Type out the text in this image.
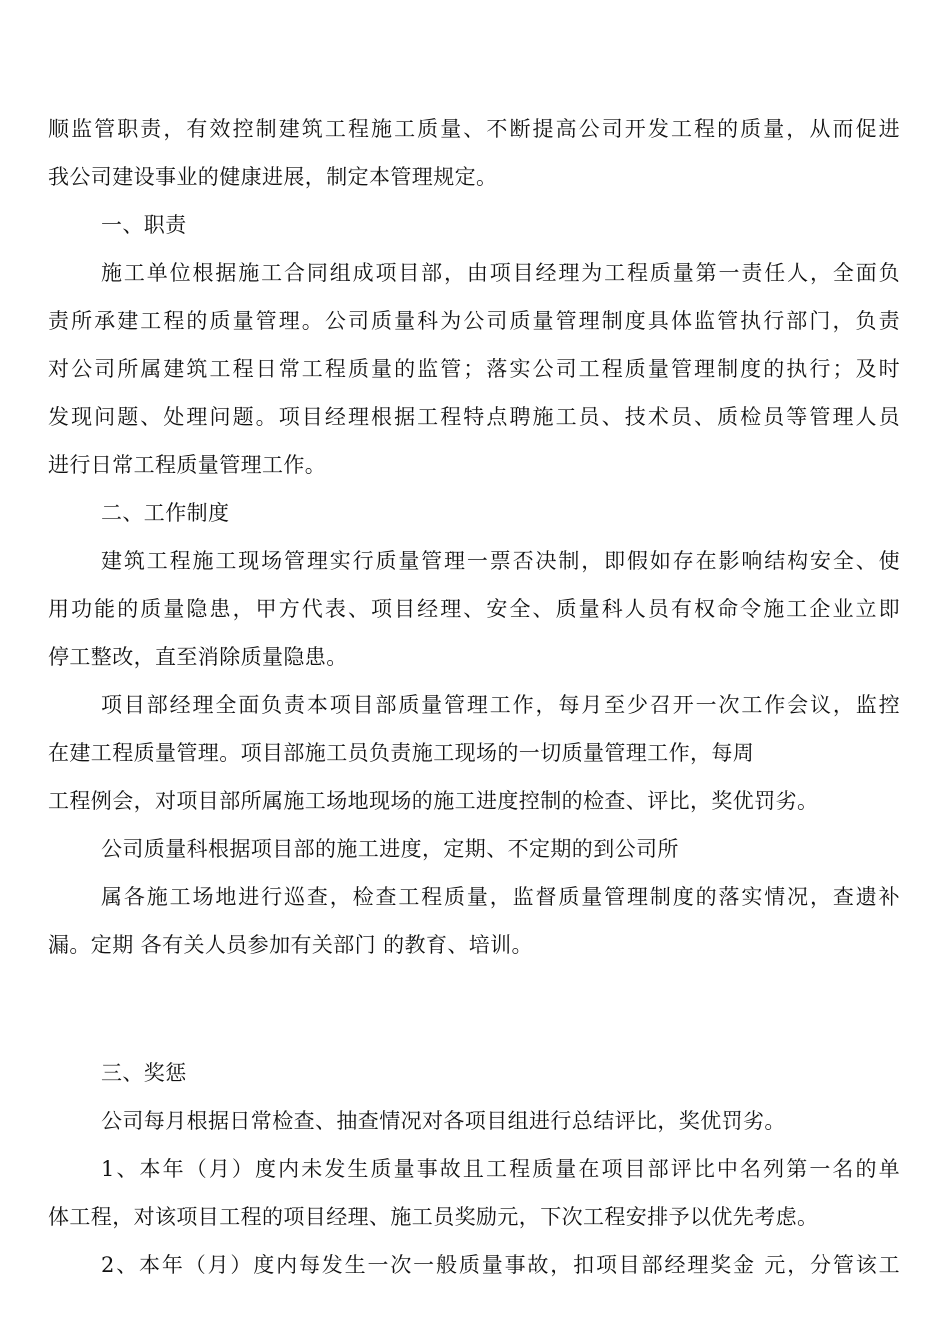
顺监管职责，有效控制建筑工程施工质量、不断提高公司开发工程的质量，从而促进
我公司建设事业的健康进展，制定本管理规定。
一、职责
施工单位根据施工合同组成项目部，由项目经理为工程质量第一责任人，全面负
责所承建工程的质量管理。公司质量科为公司质量管理制度具体监管执行部门，负责
对公司所属建筑工程日常工程质量的监管；落实公司工程质量管理制度的执行；及时
发现问题、处理问题。项目经理根据工程特点聘施工员、技术员、质检员等管理人员
进行日常工程质量管理工作。
二、工作制度
建筑工程施工现场管理实行质量管理一票否决制，即假如存在影响结构安全、使
用功能的质量隐患，甲方代表、项目经理、安全、质量科人员有权命令施工企业立即
停工整改，直至消除质量隐患。
项目部经理全面负责本项目部质量管理工作，每月至少召开一次工作会议，监控
在建工程质量管理。项目部施工员负责施工现场的一切质量管理工作，每周
工程例会，对项目部所属施工场地现场的施工进度控制的检查、评比，奖优罚劣。
公司质量科根据项目部的施工进度，定期、不定期的到公司所
属各施工场地进行巡查，检查工程质量，监督质量管理制度的落实情况，查遗补
漏。定期 各有关人员参加有关部门 的教育、培训。
三、奖惩
公司每月根据日常检查、抽查情况对各项目组进行总结评比，奖优罚劣。
1、本年（月）度内未发生质量事故且工程质量在项目部评比中名列第一名的单
体工程，对该项目工程的项目经理、施工员奖励元，下次工程安排予以优先考虑。
2、本年（月）度内每发生一次一般质量事故，扣项目部经理奖金 元，分管该工
